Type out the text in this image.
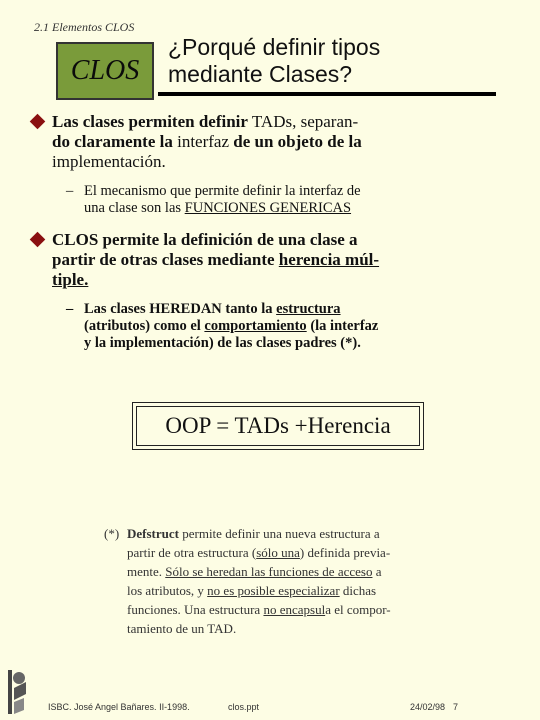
2.1 Elementos CLOS
CLOS
¿Porqué definir tipos
mediante Clases?
Las clases permiten definir TADs, separan-
do claramente la interfaz de un objeto de la
implementación.
– El mecanismo que permite definir la interfaz de
una clase son las FUNCIONES GENERICAS
CLOS permite la definición de una clase a
partir de otras clases mediante herencia múl-
tiple.
– Las clases HEREDAN tanto la estructura
(atributos) como el comportamiento (la interfaz
y la implementación) de las clases padres (*).
OOP = TADs +Herencia
(*) Defstruct permite definir una nueva estructura a
partir de otra estructura (sólo una) definida previa-
mente. Sólo se heredan las funciones de acceso a
los atributos, y no es posible especializar dichas
funciones. Una estructura no encapsula el compor-
tamiento de un TAD.
ISBC. José Angel Bañares. II-1998.	clos.ppt	24/02/98 7
